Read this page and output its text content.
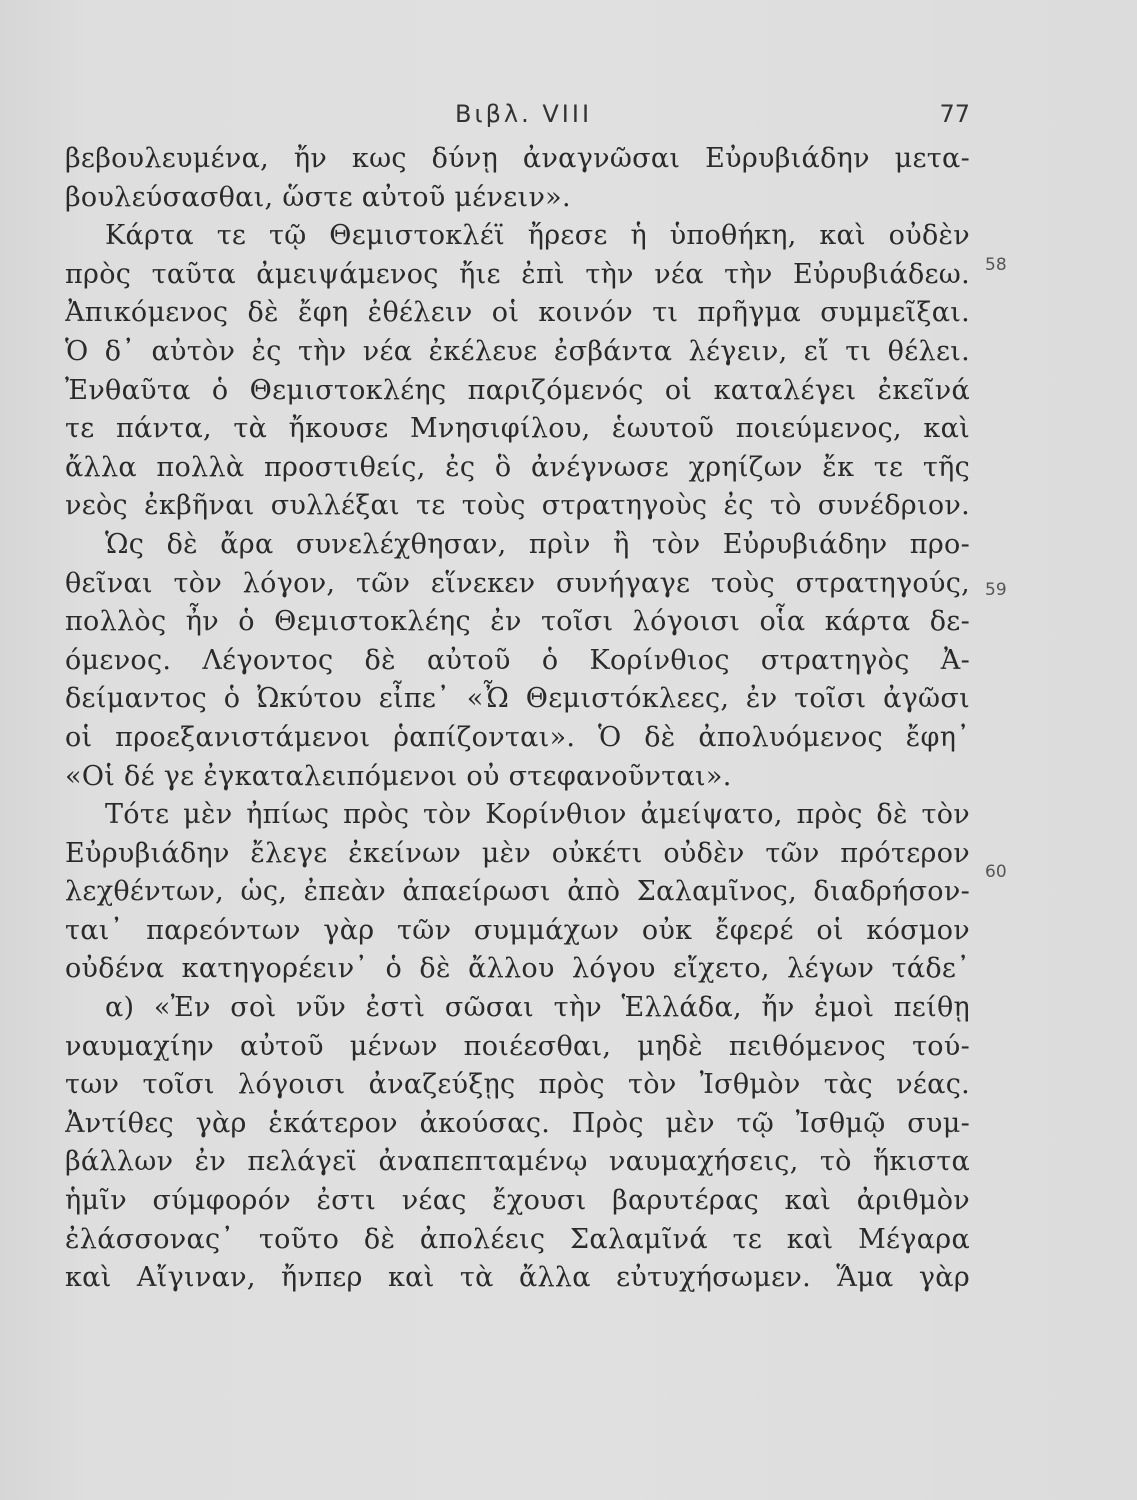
Βιβλ. VIII	77
βεβουλευμένα, ἤν κως δύνῃ ἀναγνῶσαι Εὐρυβιάδην μετα-
βουλεύσασθαι, ὥστε αὐτοῦ μένειν».
Κάρτα τε τῷ Θεμιστοκλέϊ ἤρεσε ἡ ὑποθήκη, καὶ οὐδὲν
πρὸς ταῦτα ἀμειψάμενος ἤιε ἐπὶ τὴν νέα τὴν Εὐρυβιάδεω.
Ἀπικόμενος δὲ ἔφη ἐθέλειν οἱ κοινόν τι πρῆγμα συμμεῖξαι.
Ὁ δ᾽ αὐτὸν ἐς τὴν νέα ἐκέλευε ἐσβάντα λέγειν, εἴ τι θέλει.
Ἐνθαῦτα ὁ Θεμιστοκλέης παριζόμενός οἱ καταλέγει ἐκεῖνά
τε πάντα, τὰ ἤκουσε Μνησιφίλου, ἑωυτοῦ ποιεύμενος, καὶ
ἄλλα πολλὰ προστιθείς, ἐς ὃ ἀνέγνωσε χρηίζων ἔκ τε τῆς
νεὸς ἐκβῆναι συλλέξαι τε τοὺς στρατηγοὺς ἐς τὸ συνέδριον.
Ὡς δὲ ἄρα συνελέχθησαν, πρὶν ἢ τὸν Εὐρυβιάδην προ-
θεῖναι τὸν λόγον, τῶν εἵνεκεν συνήγαγε τοὺς στρατηγούς,
πολλὸς ἦν ὁ Θεμιστοκλέης ἐν τοῖσι λόγοισι οἷα κάρτα δε-
όμενος. Λέγοντος δὲ αὐτοῦ ὁ Κορίνθιος στρατηγὸς Ἀ-
δείμαντος ὁ Ὠκύτου εἶπε᾽ «Ὦ Θεμιστόκλεες, ἐν τοῖσι ἀγῶσι
οἱ προεξανιστάμενοι ῥαπίζονται». Ὁ δὲ ἀπολυόμενος ἔφη᾽
«Οἱ δέ γε ἐγκαταλειπόμενοι οὐ στεφανοῦνται».
Τότε μὲν ἠπίως πρὸς τὸν Κορίνθιον ἀμείψατο, πρὸς δὲ τὸν
Εὐρυβιάδην ἔλεγε ἐκείνων μὲν οὐκέτι οὐδὲν τῶν πρότερον
λεχθέντων, ὡς, ἐπεὰν ἀπαείρωσι ἀπὸ Σαλαμῖνος, διαδρήσον-
ται᾽ παρεόντων γὰρ τῶν συμμάχων οὐκ ἔφερέ οἱ κόσμον
οὐδένα κατηγορέειν᾽ ὁ δὲ ἄλλου λόγου εἴχετο, λέγων τάδε᾽
α) «Ἐν σοὶ νῦν ἐστὶ σῶσαι τὴν Ἑλλάδα, ἤν ἐμοὶ πείθῃ
ναυμαχίην αὐτοῦ μένων ποιέεσθαι, μηδὲ πειθόμενος τού-
των τοῖσι λόγοισι ἀναζεύξῃς πρὸς τὸν Ἰσθμὸν τὰς νέας.
Ἀντίθες γὰρ ἑκάτερον ἀκούσας. Πρὸς μὲν τῷ Ἰσθμῷ συμ-
βάλλων ἐν πελάγεϊ ἀναπεπταμένῳ ναυμαχήσεις, τὸ ἥκιστα
ἡμῖν σύμφορόν ἐστι νέας ἔχουσι βαρυτέρας καὶ ἀριθμὸν
ἐλάσσονας᾽ τοῦτο δὲ ἀπολέεις Σαλαμῖνά τε καὶ Μέγαρα
καὶ Αἴγιναν, ἤνπερ καὶ τὰ ἄλλα εὐτυχήσωμεν. Ἅμα γὰρ
58
59
60
